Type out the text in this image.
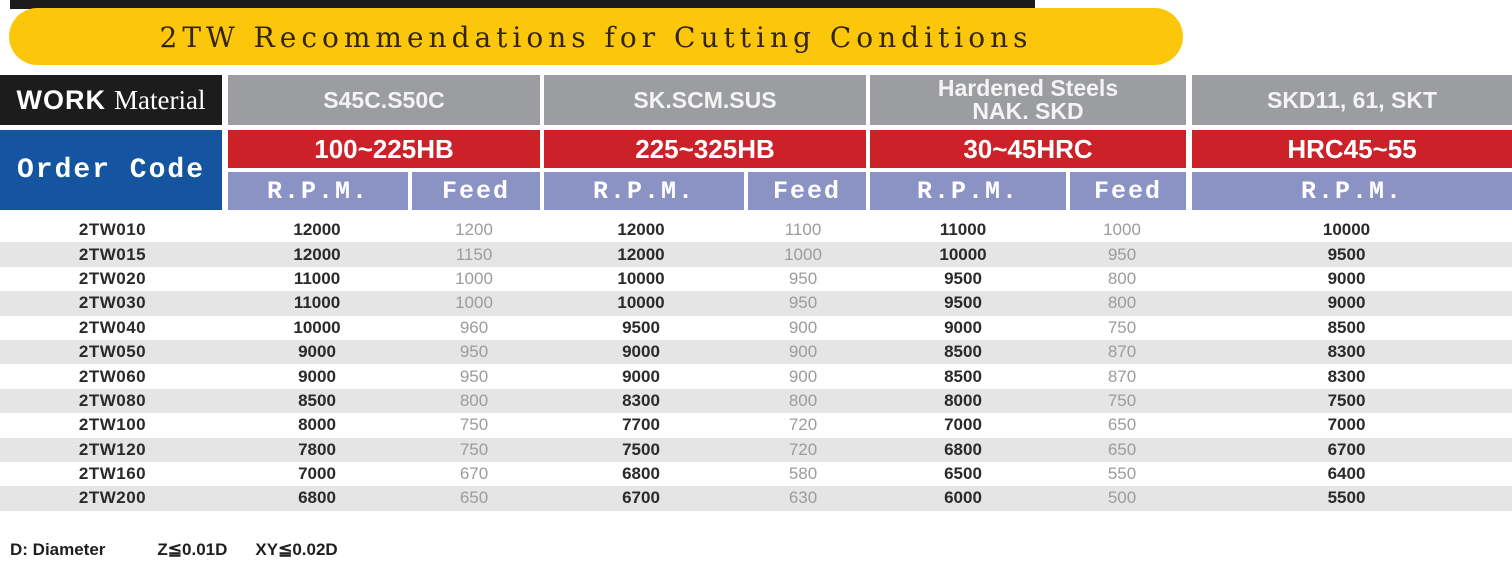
2TW Recommendations for Cutting Conditions
WORK Material	S45C.S50C	SK.SCM.SUS	Hardened Steels
NAK. SKD	SKD11, 61, SKT
Order Code
100~225HB	225~325HB	30~45HRC	HRC45~55
R.P.M.	Feed	R.P.M.	Feed	R.P.M.	Feed	R.P.M.
2TW010	12000	1200	12000	1100	11000	1000	10000
2TW015	12000	1150	12000	1000	10000	950	9500
2TW020	11000	1000	10000	950	9500	800	9000
2TW030	11000	1000	10000	950	9500	800	9000
2TW040	10000	960	9500	900	9000	750	8500
2TW050	9000	950	9000	900	8500	870	8300
2TW060	9000	950	9000	900	8500	870	8300
2TW080	8500	800	8300	800	8000	750	7500
2TW100	8000	750	7700	720	7000	650	7000
2TW120	7800	750	7500	720	6800	650	6700
2TW160	7000	670	6800	580	6500	550	6400
2TW200	6800	650	6700	630	6000	500	5500
D: Diameter	Z≦0.01D XY≦0.02D
